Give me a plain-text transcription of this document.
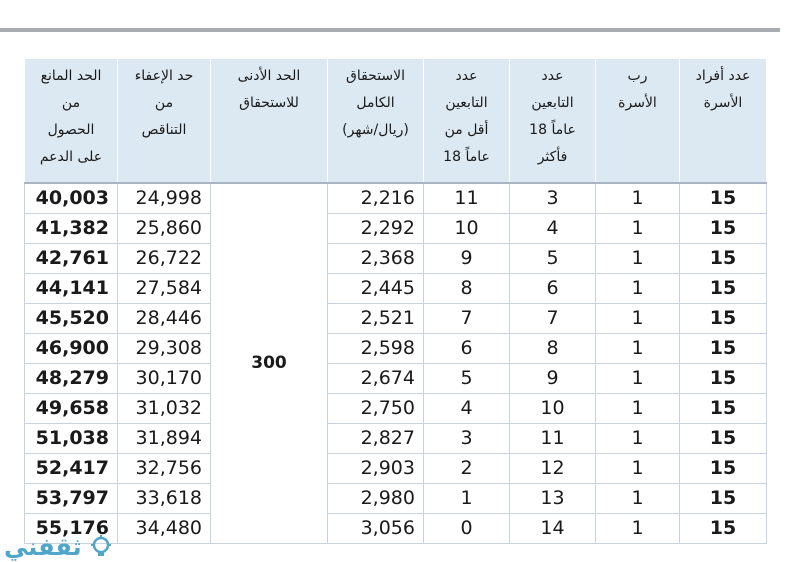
الحد المانع
من
الحصول
على الدعم	حد الإعفاء
من
التناقص	الحد الأدنى
للاستحقاق	الاستحقاق
الكامل
(ريال/شهر)	عدد
التابعين
أقل من
18 عاماً	عدد
التابعين
18 عاماً
فأكثر	رب
الأسرة	عدد أفراد
الأسرة

40,003	24,998	300	2,216	11	3	1	15
41,382	25,860		2,292	10	4	1	15
42,761	26,722		2,368	9	5	1	15
44,141	27,584		2,445	8	6	1	15
45,520	28,446		2,521	7	7	1	15
46,900	29,308		2,598	6	8	1	15
48,279	30,170		2,674	5	9	1	15
49,658	31,032		2,750	4	10	1	15
51,038	31,894		2,827	3	11	1	15
52,417	32,756		2,903	2	12	1	15
53,797	33,618		2,980	1	13	1	15
55,176	34,480		3,056	0	14	1	15
ثقفني
